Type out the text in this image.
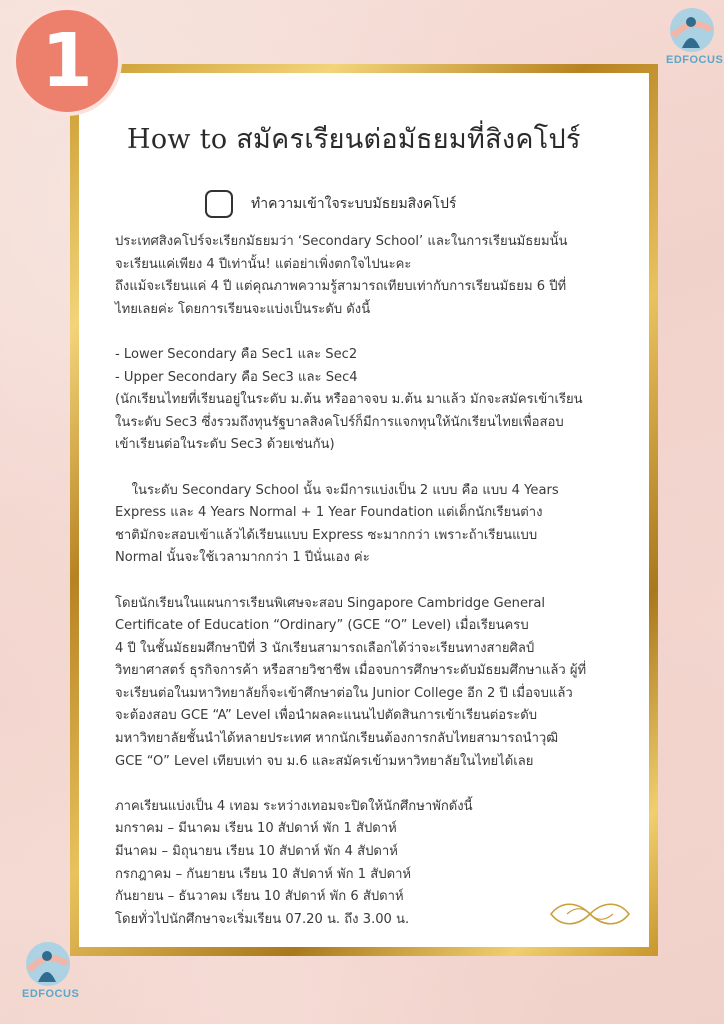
1	EDFOCUS
EDFOCUS
How to สมัครเรียนต่อมัธยมที่สิงคโปร์
ทำความเข้าใจระบบมัธยมสิงคโปร์

ประเทศสิงคโปร์จะเรียกมัธยมว่า ‘Secondary School’ และในการเรียนมัธยมนั้น

จะเรียนแค่เพียง 4 ปีเท่านั้น! แต่อย่าเพิ่งตกใจไปนะคะ

ถึงแม้จะเรียนแค่ 4 ปี แต่คุณภาพความรู้สามารถเทียบเท่ากับการเรียนมัธยม 6 ปีที่

ไทยเลยค่ะ โดยการเรียนจะแบ่งเป็นระดับ ดังนี้

- Lower Secondary คือ Sec1 และ Sec2

- Upper Secondary คือ Sec3 และ Sec4

(นักเรียนไทยที่เรียนอยู่ในระดับ ม.ต้น หรืออาจจบ ม.ต้น มาแล้ว มักจะสมัครเข้าเรียน

ในระดับ Sec3 ซึ่งรวมถึงทุนรัฐบาลสิงคโปร์ก็มีการแจกทุนให้นักเรียนไทยเพื่อสอบ

เข้าเรียนต่อในระดับ Sec3 ด้วยเช่นกัน)

ในระดับ Secondary School นั้น จะมีการแบ่งเป็น 2 แบบ คือ แบบ 4 Years

Express และ 4 Years Normal + 1 Year Foundation แต่เด็กนักเรียนต่าง

ชาติมักจะสอบเข้าแล้วได้เรียนแบบ Express ซะมากกว่า เพราะถ้าเรียนแบบ

Normal นั้นจะใช้เวลามากกว่า 1 ปีนั่นเอง ค่ะ

โดยนักเรียนในแผนการเรียนพิเศษจะสอบ Singapore Cambridge General

Certificate of Education “Ordinary” (GCE “O” Level) เมื่อเรียนครบ

4 ปี ในชั้นมัธยมศึกษาปีที่ 3 นักเรียนสามารถเลือกได้ว่าจะเรียนทางสายศิลป์

วิทยาศาสตร์ ธุรกิจการค้า หรือสายวิชาชีพ เมื่อจบการศึกษาระดับมัธยมศึกษาแล้ว ผู้ที่

จะเรียนต่อในมหาวิทยาลัยก็จะเข้าศึกษาต่อใน Junior College อีก 2 ปี เมื่อจบแล้ว

จะต้องสอบ GCE “A” Level เพื่อนำผลคะแนนไปตัดสินการเข้าเรียนต่อระดับ

มหาวิทยาลัยชั้นนำได้หลายประเทศ หากนักเรียนต้องการกลับไทยสามารถนำวุฒิ

GCE “O” Level เทียบเท่า จบ ม.6 และสมัครเข้ามหาวิทยาลัยในไทยได้เลย

ภาคเรียนแบ่งเป็น 4 เทอม ระหว่างเทอมจะปิดให้นักศึกษาพักดังนี้

มกราคม – มีนาคม เรียน 10 สัปดาห์ พัก 1 สัปดาห์

มีนาคม – มิถุนายน เรียน 10 สัปดาห์ พัก 4 สัปดาห์

กรกฎาคม – กันยายน เรียน 10 สัปดาห์ พัก 1 สัปดาห์

กันยายน – ธันวาคม เรียน 10 สัปดาห์ พัก 6 สัปดาห์

โดยทั่วไปนักศึกษาจะเริ่มเรียน 07.20 น. ถึง 3.00 น.
